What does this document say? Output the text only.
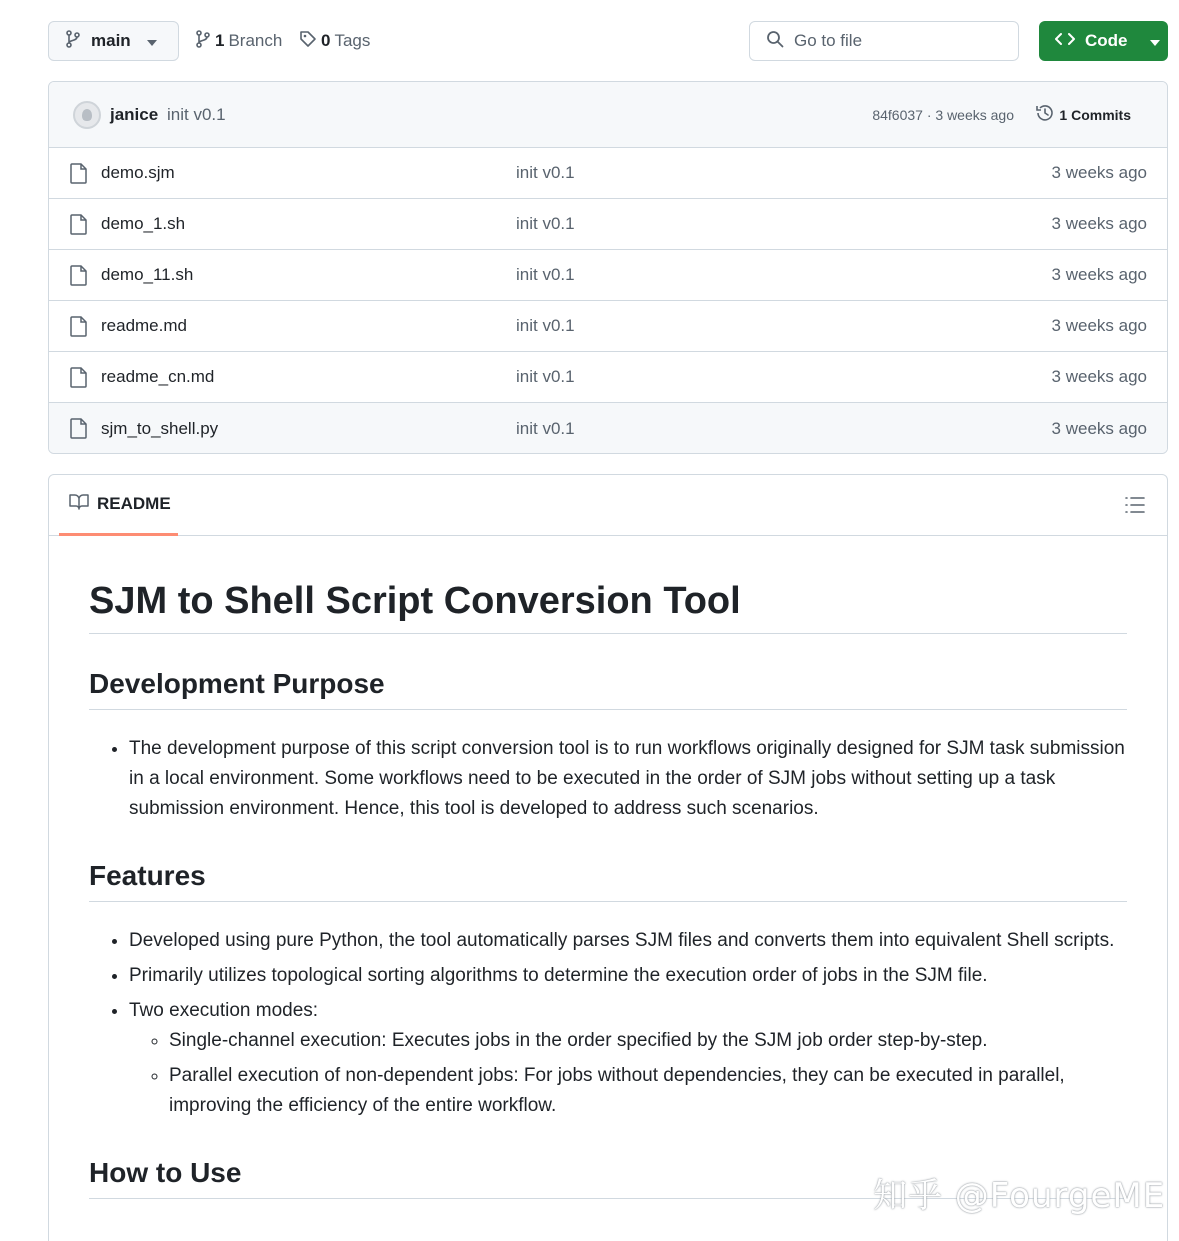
main	1 Branch 0 Tags	Go to file	Code
janice init v0.1	84f6037 · 3 weeks ago	1 Commits
demo.sjm	init v0.1	3 weeks ago
demo_1.sh	init v0.1	3 weeks ago
demo_11.sh	init v0.1	3 weeks ago
readme.md	init v0.1	3 weeks ago
readme_cn.md	init v0.1	3 weeks ago
sjm_to_shell.py	init v0.1	3 weeks ago
README
SJM to Shell Script Conversion Tool
Development Purpose
• The development purpose of this script conversion tool is to run workflows originally designed for SJM task submission in a local environment. Some workflows need to be executed in the order of SJM jobs without setting up a task submission environment. Hence, this tool is developed to address such scenarios.
Features
• Developed using pure Python, the tool automatically parses SJM files and converts them into equivalent Shell scripts.
• Primarily utilizes topological sorting algorithms to determine the execution order of jobs in the SJM file.
• Two execution modes:
◦ Single-channel execution: Executes jobs in the order specified by the SJM job order step-by-step.
◦ Parallel execution of non-dependent jobs: For jobs without dependencies, they can be executed in parallel, improving the efficiency of the entire workflow.
How to Use
知乎 @FourgeME
